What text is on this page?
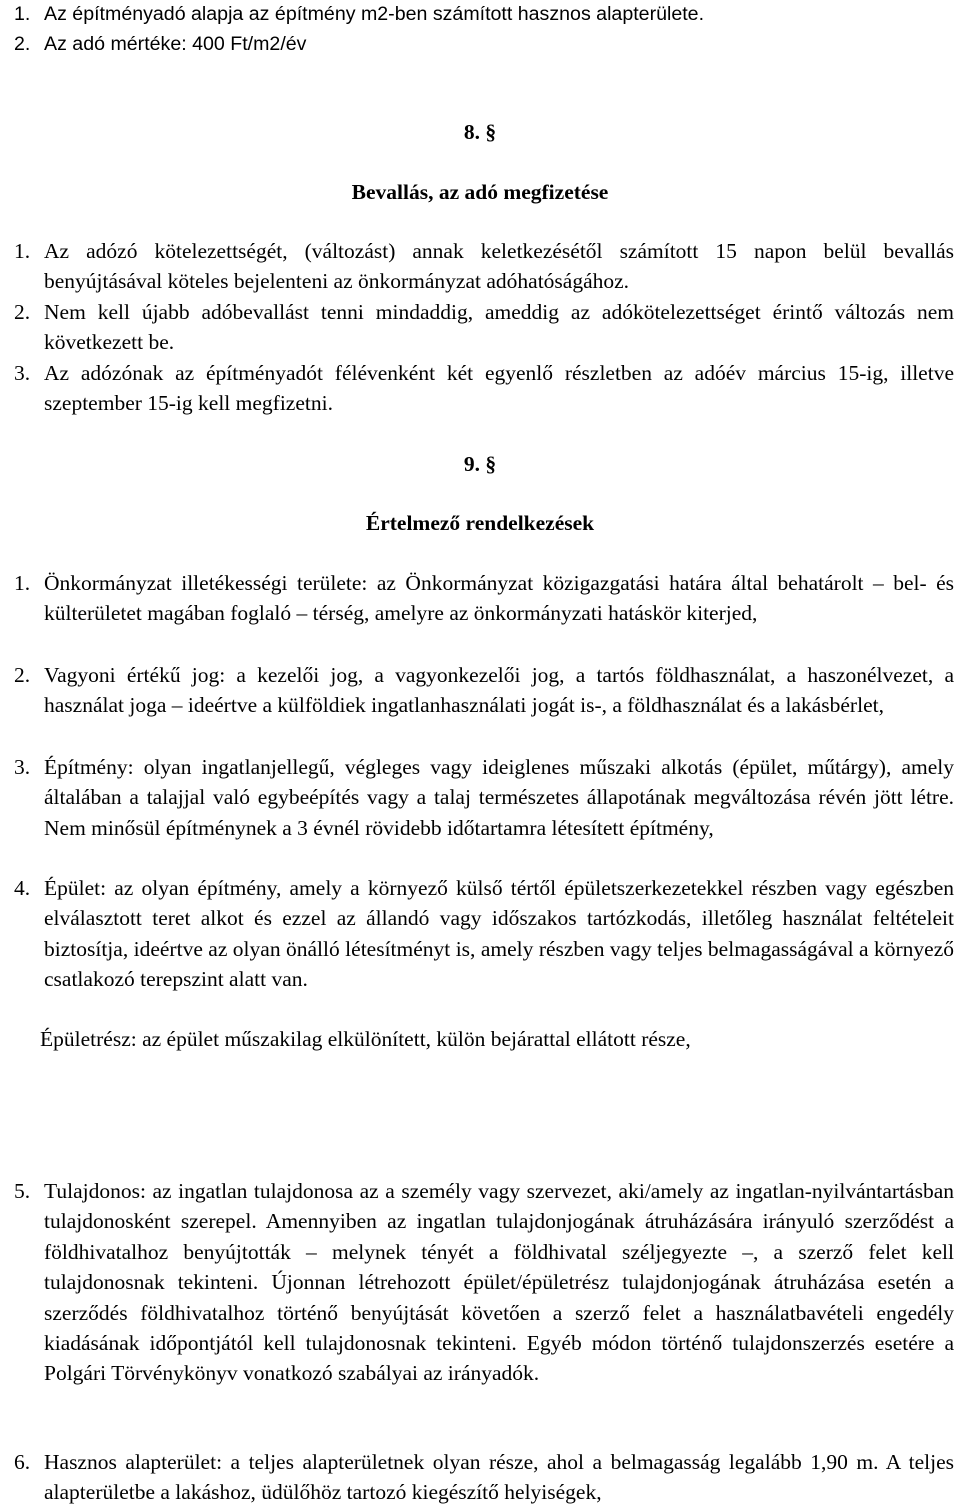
1. Az építményadó alapja az építmény m2-ben számított hasznos alapterülete.
2. Az adó mértéke: 400 Ft/m2/év
8. §
Bevallás, az adó megfizetése
1. Az adózó kötelezettségét, (változást) annak keletkezésétől számított 15 napon belül bevallás benyújtásával köteles bejelenteni az önkormányzat adóhatóságához.
2. Nem kell újabb adóbevallást tenni mindaddig, ameddig az adókötelezettséget érintő változás nem következett be.
3. Az adózónak az építményadót félévenként két egyenlő részletben az adóév március 15-ig, illetve szeptember 15-ig kell megfizetni.
9. §
Értelmező rendelkezések
1. Önkormányzat illetékességi területe: az Önkormányzat közigazgatási határa által behatárolt – bel- és külterületet magában foglaló – térség, amelyre az önkormányzati hatáskör kiterjed,
2. Vagyoni értékű jog: a kezelői jog, a vagyonkezelői jog, a tartós földhasználat, a haszonélvezet, a használat joga – ideértve a külföldiek ingatlanhasználati jogát is-, a földhasználat és a lakásbérlet,
3. Építmény: olyan ingatlanjellegű, végleges vagy ideiglenes műszaki alkotás (épület, műtárgy), amely általában a talajjal való egybeépítés vagy a talaj természetes állapotának megváltozása révén jött létre. Nem minősül építménynek a 3 évnél rövidebb időtartamra létesített építmény,
4. Épület: az olyan építmény, amely a környező külső tértől épületszerkezetekkel részben vagy egészben elválasztott teret alkot és ezzel az állandó vagy időszakos tartózkodás, illetőleg használat feltételeit biztosítja, ideértve az olyan önálló létesítményt is, amely részben vagy teljes belmagasságával a környező csatlakozó terepszint alatt van.
Épületrész: az épület műszakilag elkülönített, külön bejárattal ellátott része,
5. Tulajdonos: az ingatlan tulajdonosa az a személy vagy szervezet, aki/amely az ingatlan-nyilvántartásban tulajdonosként szerepel. Amennyiben az ingatlan tulajdonjogának átruházására irányuló szerződést a földhivatalhoz benyújtották – melynek tényét a földhivatal széljegyezte –, a szerző felet kell tulajdonosnak tekinteni. Újonnan létrehozott épület/épületrész tulajdonjogának átruházása esetén a szerződés földhivatalhoz történő benyújtását követően a szerző felet a használatbavételi engedély kiadásának időpontjától kell tulajdonosnak tekinteni. Egyéb módon történő tulajdonszerzés esetére a Polgári Törvénykönyv vonatkozó szabályai az irányadók.
6. Hasznos alapterület: a teljes alapterületnek olyan része, ahol a belmagasság legalább 1,90 m. A teljes alapterületbe a lakáshoz, üdülőhöz tartozó kiegészítő helyiségek,
